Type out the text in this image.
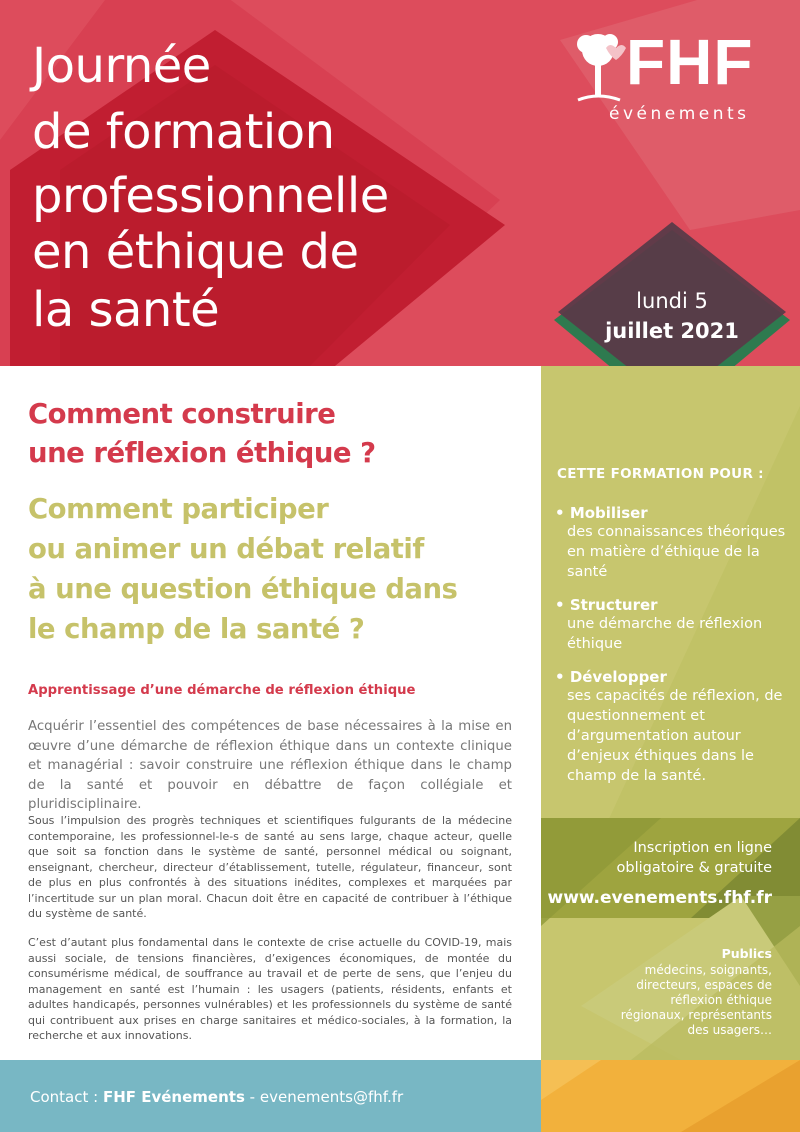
Journée
de formation
professionnelle
en éthique de
la santé
FHF
événements
lundi 5
juillet 2021
Comment construire
une réflexion éthique ?
Comment participer
ou animer un débat relatif
à une question éthique dans
le champ de la santé ?
Apprentissage d’une démarche de réflexion éthique
Acquérir l’essentiel des compétences de base nécessaires à la mise en œuvre d’une démarche de réflexion éthique dans un contexte clinique et managérial : savoir construire une réflexion éthique dans le champ de la santé et pouvoir en débattre de façon collégiale et pluridisciplinaire.
Sous l’impulsion des progrès techniques et scientifiques fulgurants de la médecine contemporaine, les professionnel-le-s de santé au sens large, chaque acteur, quelle que soit sa fonction dans le système de santé, personnel médical ou soignant, enseignant, chercheur, directeur d’établissement, tutelle, régulateur, financeur, sont de plus en plus confrontés à des situations inédites, complexes et marquées par l’incertitude sur un plan moral. Chacun doit être en capacité de contribuer à l’éthique du système de santé.
C’est d’autant plus fondamental dans le contexte de crise actuelle du COVID-19, mais aussi sociale, de tensions financières, d’exigences économiques, de montée du consumérisme médical, de souffrance au travail et de perte de sens, que l’enjeu du management en santé est l’humain : les usagers (patients, résidents, enfants et adultes handicapés, personnes vulnérables) et les professionnels du système de santé qui contribuent aux prises en charge sanitaires et médico-sociales, à la formation, la recherche et aux innovations.
CETTE FORMATION POUR :
• Mobiliser
des connaissances théoriques en matière d’éthique de la santé
• Structurer
une démarche de réflexion éthique
• Développer
ses capacités de réflexion, de questionnement et d’argumentation autour d’enjeux éthiques dans le champ de la santé.
Inscription en ligne
obligatoire & gratuite
www.evenements.fhf.fr
Publics
médecins, soignants, directeurs, espaces de réflexion éthique régionaux, représentants des usagers…
Contact : FHF Evénements - evenements@fhf.fr
